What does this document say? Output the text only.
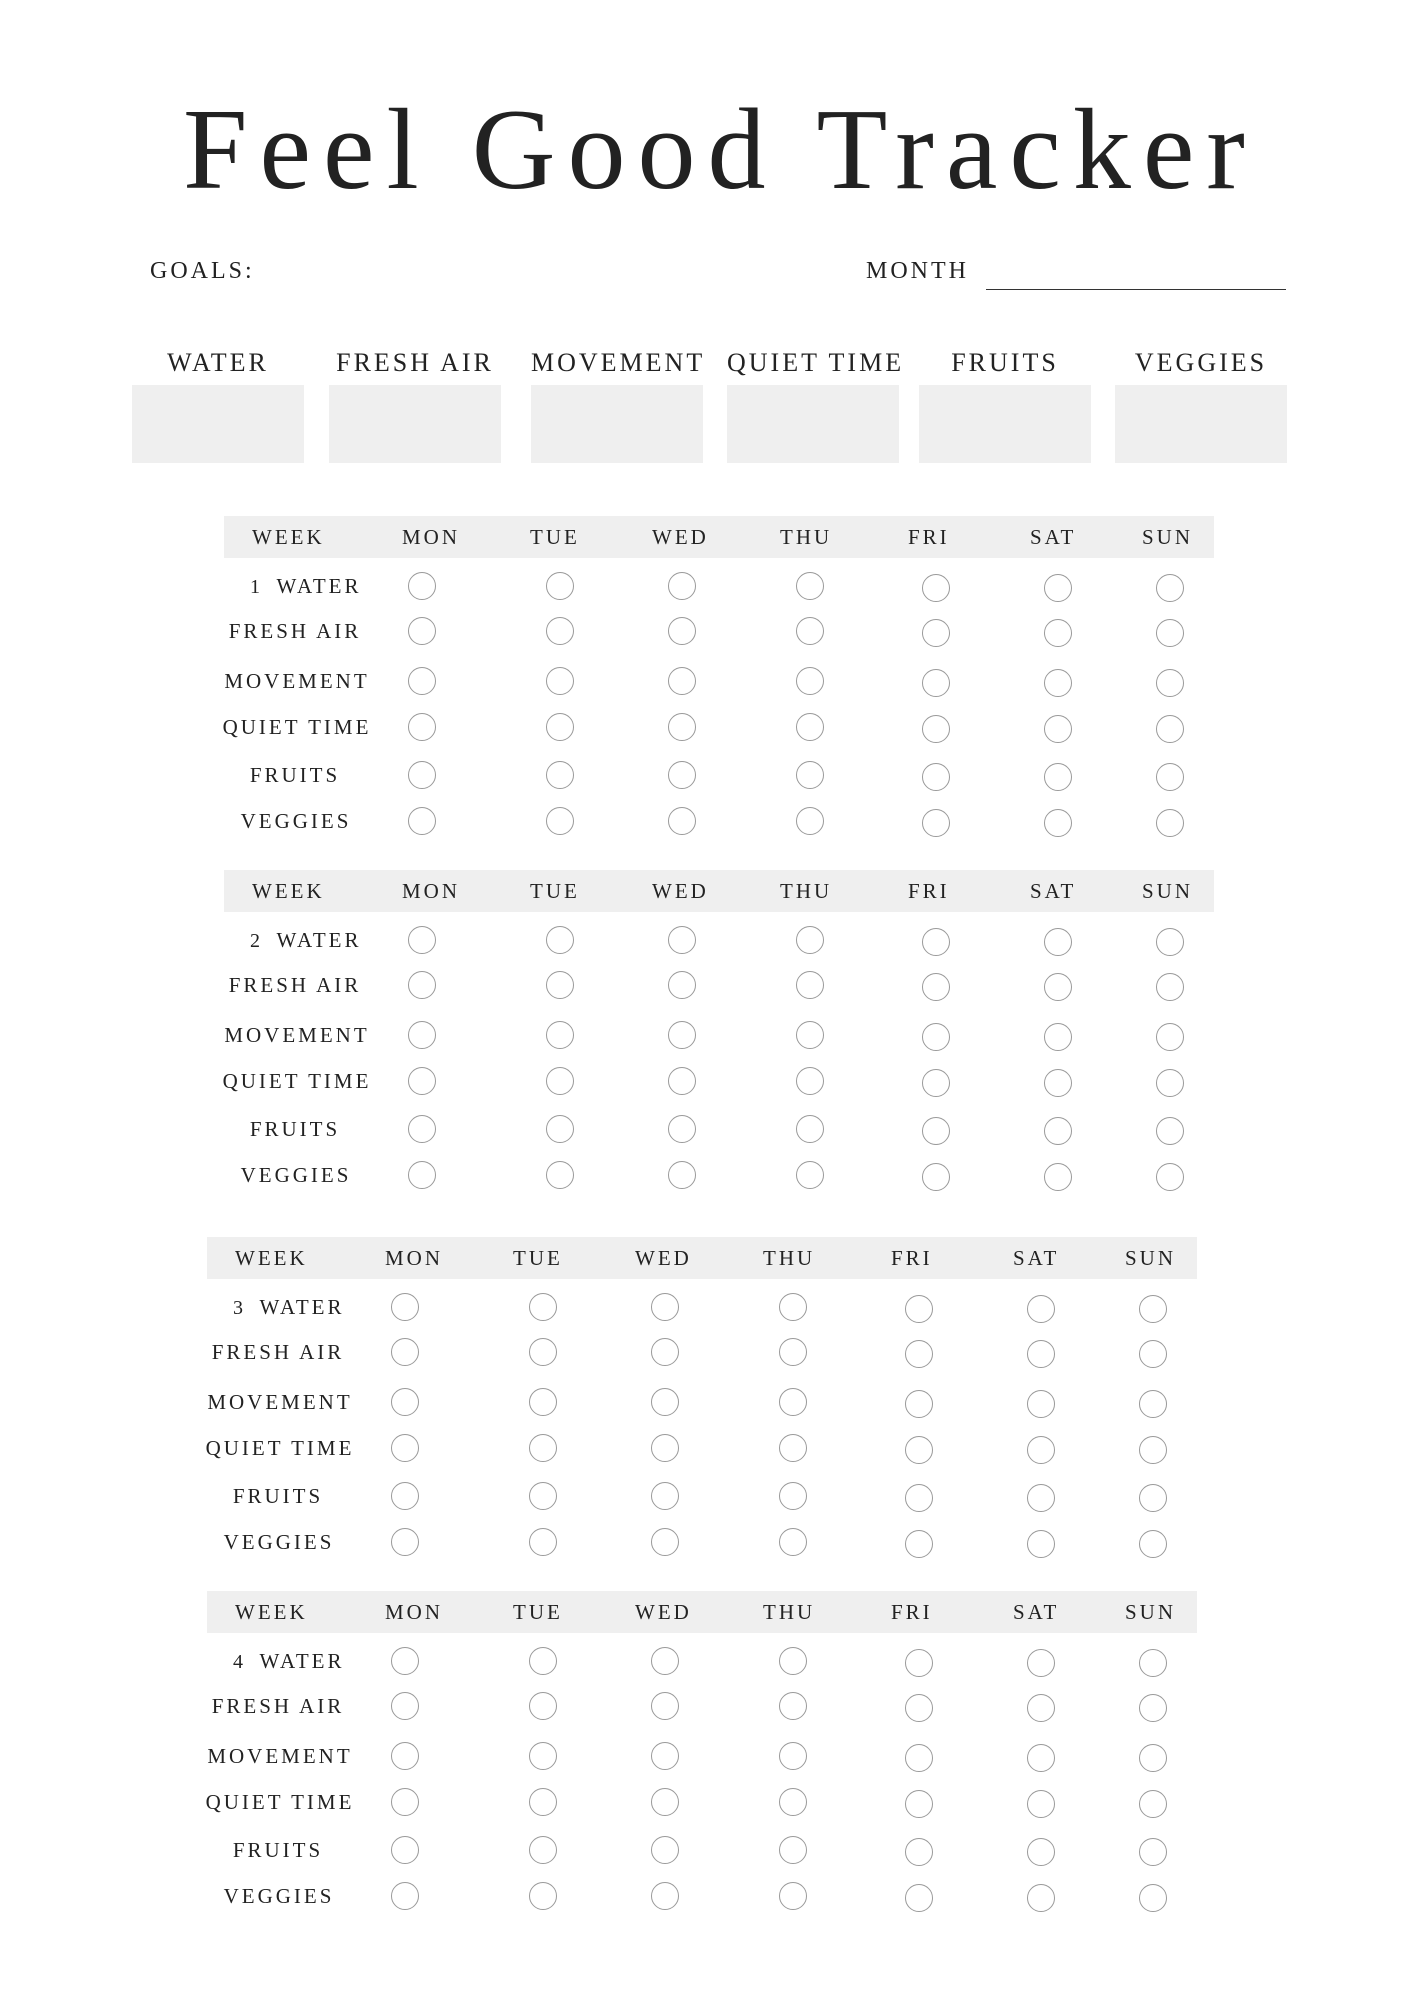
Feel Good Tracker
GOALS:	MONTH
WATER	FRESH AIR MOVEMENT QUIET TIME	FRUITS	VEGGIES
WEEK	MON	TUE	WED	THU	FRI	SAT	SUN
1 WATER
FRESH AIR
MOVEMENT
QUIET TIME
FRUITS
VEGGIES
WEEK	MON	TUE	WED	THU	FRI	SAT	SUN
2 WATER
FRESH AIR
MOVEMENT
QUIET TIME
FRUITS
VEGGIES
WEEK	MON	TUE	WED	THU	FRI	SAT	SUN
3 WATER
FRESH AIR
MOVEMENT
QUIET TIME
FRUITS
VEGGIES
WEEK	MON	TUE	WED	THU	FRI	SAT	SUN
4 WATER
FRESH AIR
MOVEMENT
QUIET TIME
FRUITS
VEGGIES
